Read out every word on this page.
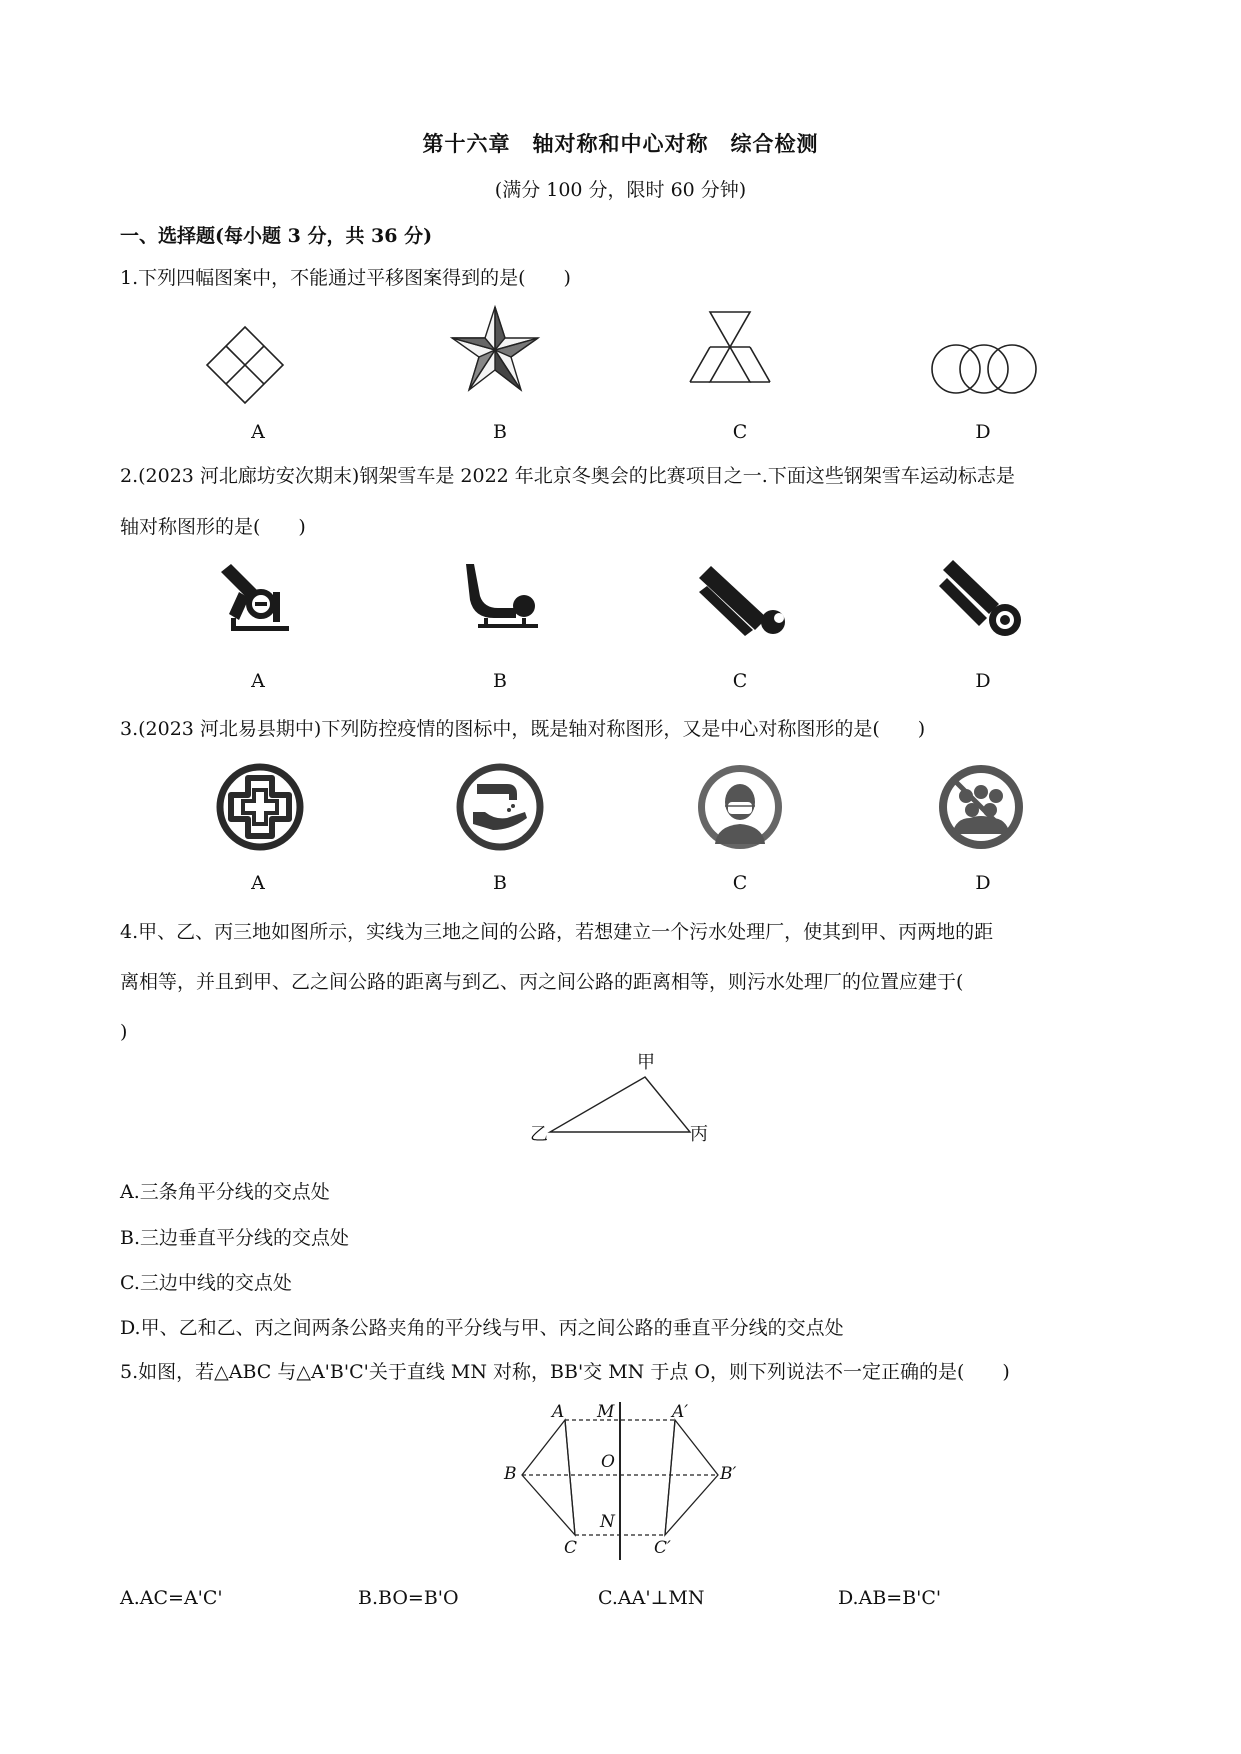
第十六章　轴对称和中心对称　综合检测
(满分 100 分，限时 60 分钟)
一、选择题(每小题 3 分，共 36 分)
1.下列四幅图案中，不能通过平移图案得到的是(　　)
A	B	C	D
2.(2023 河北廊坊安次期末)钢架雪车是 2022 年北京冬奥会的比赛项目之一.下面这些钢架雪车运动标志是
轴对称图形的是(　　)
A	B	C	D
3.(2023 河北易县期中)下列防控疫情的图标中，既是轴对称图形，又是中心对称图形的是(　　)
A	B	C	D
4.甲、乙、丙三地如图所示，实线为三地之间的公路，若想建立一个污水处理厂，使其到甲、丙两地的距
离相等，并且到甲、乙之间公路的距离与到乙、丙之间公路的距离相等，则污水处理厂的位置应建于(
)
甲
乙	丙
A.三条角平分线的交点处
B.三边垂直平分线的交点处
C.三边中线的交点处
D.甲、乙和乙、丙之间两条公路夹角的平分线与甲、丙之间公路的垂直平分线的交点处
5.如图，若△ABC 与△A'B'C'关于直线 MN 对称，BB'交 MN 于点 O，则下列说法不一定正确的是(　　)
A M	A′
B
O
B′
N
C	C′
A.AC=A'C'	B.BO=B'O	C.AA'⊥MN	D.AB=B'C'
